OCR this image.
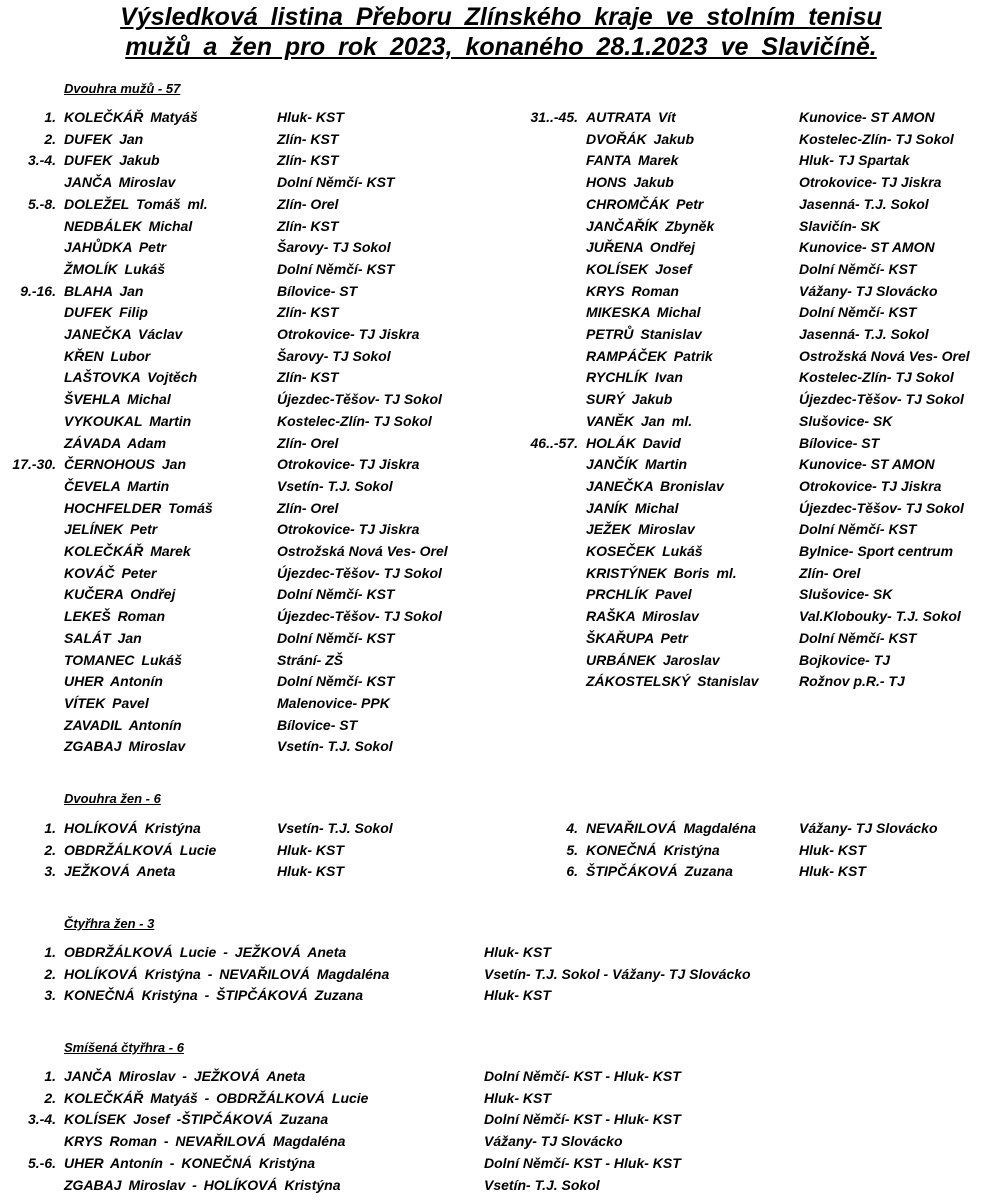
Výsledková listina Přeboru Zlínského kraje ve stolním tenisu
mužů a žen pro rok 2023, konaného 28.1.2023 ve Slavičíně.
Dvouhra mužů - 57
1. KOLEČKÁŘ Matyáš	Hluk- KST
2. DUFEK Jan	Zlín- KST
3.-4. DUFEK Jakub	Zlín- KST
JANČA Miroslav	Dolní Němčí- KST
5.-8. DOLEŽEL Tomáš ml.	Zlín- Orel
NEDBÁLEK Michal	Zlín- KST
JAHŮDKA Petr	Šarovy- TJ Sokol
ŽMOLÍK Lukáš	Dolní Němčí- KST
9.-16. BLAHA Jan	Bílovice- ST
DUFEK Filip	Zlín- KST
JANEČKA Václav	Otrokovice- TJ Jiskra
KŘEN Lubor	Šarovy- TJ Sokol
LAŠTOVKA Vojtěch	Zlín- KST
ŠVEHLA Michal	Újezdec-Těšov- TJ Sokol
VYKOUKAL Martin	Kostelec-Zlín- TJ Sokol
ZÁVADA Adam	Zlín- Orel
17.-30. ČERNOHOUS Jan	Otrokovice- TJ Jiskra
ČEVELA Martin	Vsetín- T.J. Sokol
HOCHFELDER Tomáš	Zlín- Orel
JELÍNEK Petr	Otrokovice- TJ Jiskra
KOLEČKÁŘ Marek	Ostrožská Nová Ves- Orel
KOVÁČ Peter	Újezdec-Těšov- TJ Sokol
KUČERA Ondřej	Dolní Němčí- KST
LEKEŠ Roman	Újezdec-Těšov- TJ Sokol
SALÁT Jan	Dolní Němčí- KST
TOMANEC Lukáš	Strání- ZŠ
UHER Antonín	Dolní Němčí- KST
VÍTEK Pavel	Malenovice- PPK
ZAVADIL Antonín	Bílovice- ST
ZGABAJ Miroslav	Vsetín- T.J. Sokol
31..-45. AUTRATA Vít	Kunovice- ST AMON
DVOŘÁK Jakub	Kostelec-Zlín- TJ Sokol
FANTA Marek	Hluk- TJ Spartak
HONS Jakub	Otrokovice- TJ Jiskra
CHROMČÁK Petr	Jasenná- T.J. Sokol
JANČAŘÍK Zbyněk	Slavičín- SK
JUŘENA Ondřej	Kunovice- ST AMON
KOLÍSEK Josef	Dolní Němčí- KST
KRYS Roman	Vážany- TJ Slovácko
MIKESKA Michal	Dolní Němčí- KST
PETRŮ Stanislav	Jasenná- T.J. Sokol
RAMPÁČEK Patrik	Ostrožská Nová Ves- Orel
RYCHLÍK Ivan	Kostelec-Zlín- TJ Sokol
SURÝ Jakub	Újezdec-Těšov- TJ Sokol
VANĚK Jan ml.	Slušovice- SK
46..-57. HOLÁK David	Bílovice- ST
JANČÍK Martin	Kunovice- ST AMON
JANEČKA Bronislav	Otrokovice- TJ Jiskra
JANÍK Michal	Újezdec-Těšov- TJ Sokol
JEŽEK Miroslav	Dolní Němčí- KST
KOSEČEK Lukáš	Bylnice- Sport centrum
KRISTÝNEK Boris ml.	Zlín- Orel
PRCHLÍK Pavel	Slušovice- SK
RAŠKA Miroslav	Val.Klobouky- T.J. Sokol
ŠKAŘUPA Petr	Dolní Němčí- KST
URBÁNEK Jaroslav	Bojkovice- TJ
ZÁKOSTELSKÝ Stanislav	Rožnov p.R.- TJ
Dvouhra žen - 6
1. HOLÍKOVÁ Kristýna	Vsetín- T.J. Sokol
2. OBDRŽÁLKOVÁ Lucie	Hluk- KST
3. JEŽKOVÁ Aneta	Hluk- KST
4. NEVAŘILOVÁ Magdaléna	Vážany- TJ Slovácko
5. KONEČNÁ Kristýna	Hluk- KST
6. ŠTIPČÁKOVÁ Zuzana	Hluk- KST
Čtyřhra žen - 3
1. OBDRŽÁLKOVÁ Lucie - JEŽKOVÁ Aneta	Hluk- KST
2. HOLÍKOVÁ Kristýna - NEVAŘILOVÁ Magdaléna	Vsetín- T.J. Sokol - Vážany- TJ Slovácko
3. KONEČNÁ Kristýna - ŠTIPČÁKOVÁ Zuzana	Hluk- KST
Smíšená čtyřhra - 6
1. JANČA Miroslav - JEŽKOVÁ Aneta	Dolní Němčí- KST - Hluk- KST
2. KOLEČKÁŘ Matyáš - OBDRŽÁLKOVÁ Lucie	Hluk- KST
3.-4. KOLÍSEK Josef -ŠTIPČÁKOVÁ Zuzana	Dolní Němčí- KST - Hluk- KST
KRYS Roman - NEVAŘILOVÁ Magdaléna	Vážany- TJ Slovácko
5.-6. UHER Antonín - KONEČNÁ Kristýna	Dolní Němčí- KST - Hluk- KST
ZGABAJ Miroslav - HOLÍKOVÁ Kristýna	Vsetín- T.J. Sokol
